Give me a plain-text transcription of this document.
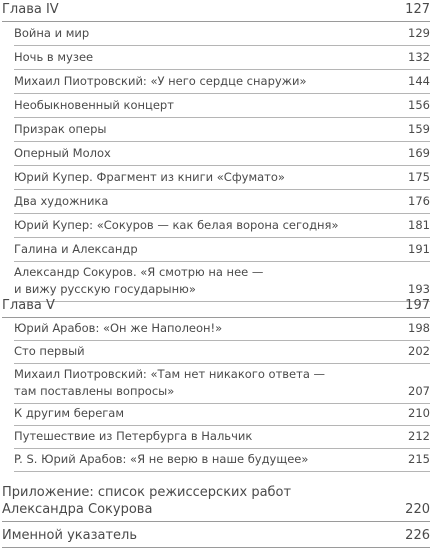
Глава IV	127
Война и мир	129
Ночь в музее	132
Михаил Пиотровский: «У него сердце снаружи»	144
Необыкновенный концерт	156
Призрак оперы	159
Оперный Молох	169
Юрий Купер. Фрагмент из книги «Сфумато»	175
Два художника	176
Юрий Купер: «Сокуров — как белая ворона сегодня»	181
Галина и Александр	191
Александр Сокуров. «Я смотрю на нее —
и вижу русскую государыню»	193
Глава V	197
Юрий Арабов: «Он же Наполеон!»	198
Сто первый	202
Михаил Пиотровский: «Там нет никакого ответа —
там поставлены вопросы»	207
К другим берегам	210
Путешествие из Петербурга в Нальчик	212
P. S. Юрий Арабов: «Я не верю в наше будущее»	215
Приложение: список режиссерских работ
Александра Сокурова	220
Именной указатель	226
